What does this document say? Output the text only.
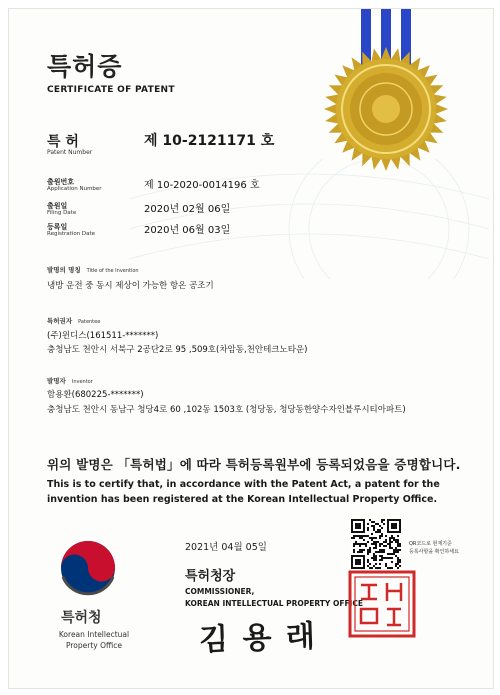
특허증
CERTIFICATE OF PATENT
특 허
Patent Number
제 10-2121171 호
출원번호
Application Number	제 10-2020-0014196 호
출원일
Filing Date	2020년 02월 06일
등록일
Registration Date	2020년 06월 03일
발명의 명칭 Title of the Invention
냉방 운전 중 동시 제상이 가능한 항온 공조기
특허권자 Patentee
(주)윈디스(161511-*******)
충청남도 천안시 서북구 2공단2로 95 ,509호(차암동,천안테크노타운)
발명자 Inventor
함용환(680225-*******)
충청남도 천안시 동남구 청당4로 60 ,102동 1503호 (청당동, 청당동한양수자인블루시티아파트)
위의 발명은 「특허법」에 따라 특허등록원부에 등록되었음을 증명합니다.
This is to certify that, in accordance with the Patent Act, a patent for the invention has been registered at the Korean Intellectual Property Office.
특허청
Korean Intellectual
Property Office
2021년 04월 05일
특허청장
COMMISSIONER,
KOREAN INTELLECTUAL PROPERTY OFFICE
김 용 래
QR코드로 현재기준
등록사항을 확인하세요
